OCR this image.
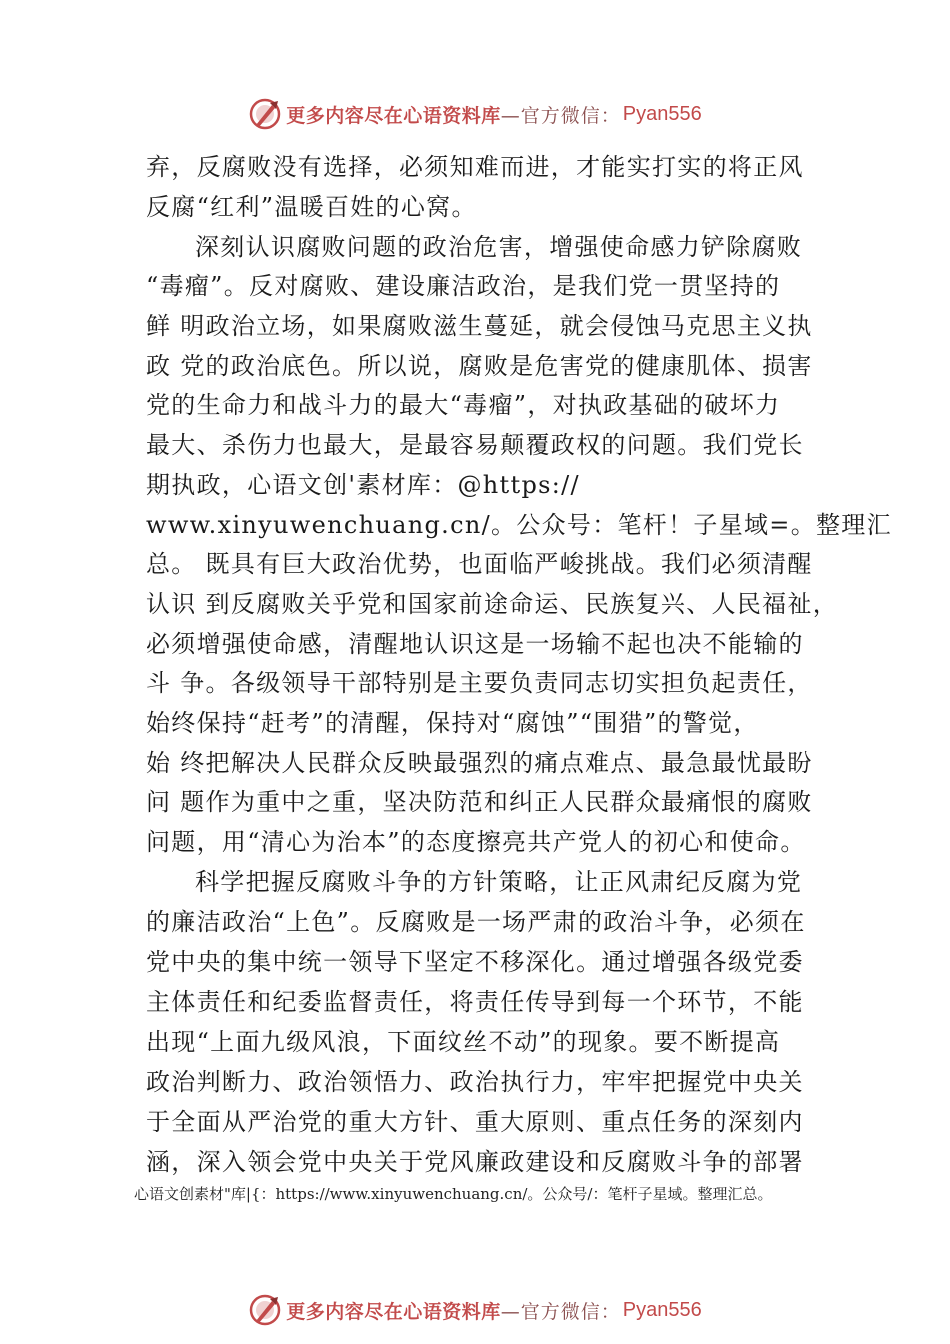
更多内容尽在心语资料库 —官方微信： Pyan556
弃，反腐败没有选择，必须知难而进，才能实打实的将正风
反腐“红利”温暖百姓的心窝。
深刻认识腐败问题的政治危害，增强使命感力铲除腐败
“毒瘤”。反对腐败、建设廉洁政治，是我们党一贯坚持的
鲜 明政治立场，如果腐败滋生蔓延，就会侵蚀马克思主义执
政 党的政治底色。所以说，腐败是危害党的健康肌体、损害
党的生命力和战斗力的最大“毒瘤”，对执政基础的破坏力
最大、杀伤力也最大，是最容易颠覆政权的问题。我们党长
期执政，心语文创'素材库：@https://
www.xinyuwenchuang.cn/。公众号：笔杆！子星域=。整理汇
总。 既具有巨大政治优势，也面临严峻挑战。我们必须清醒
认识 到反腐败关乎党和国家前途命运、民族复兴、人民福祉，
必须增强使命感，清醒地认识这是一场输不起也决不能输的
斗 争。各级领导干部特别是主要负责同志切实担负起责任，
始终保持“赶考”的清醒，保持对“腐蚀”“围猎”的警觉，
始 终把解决人民群众反映最强烈的痛点难点、最急最忧最盼
问 题作为重中之重，坚决防范和纠正人民群众最痛恨的腐败
问题，用“清心为治本”的态度擦亮共产党人的初心和使命。
科学把握反腐败斗争的方针策略，让正风肃纪反腐为党
的廉洁政治“上色”。反腐败是一场严肃的政治斗争，必须在
党中央的集中统一领导下坚定不移深化。通过增强各级党委
主体责任和纪委监督责任，将责任传导到每一个环节，不能
出现“上面九级风浪，下面纹丝不动”的现象。要不断提高
政治判断力、政治领悟力、政治执行力，牢牢把握党中央关
于全面从严治党的重大方针、重大原则、重点任务的深刻内
涵，深入领会党中央关于党风廉政建设和反腐败斗争的部署
心语文创素材"库|{：https://www.xinyuwenchuang.cn/。公众号/：笔杆子星域。整理汇总。
更多内容尽在心语资料库 —官方微信： Pyan556
